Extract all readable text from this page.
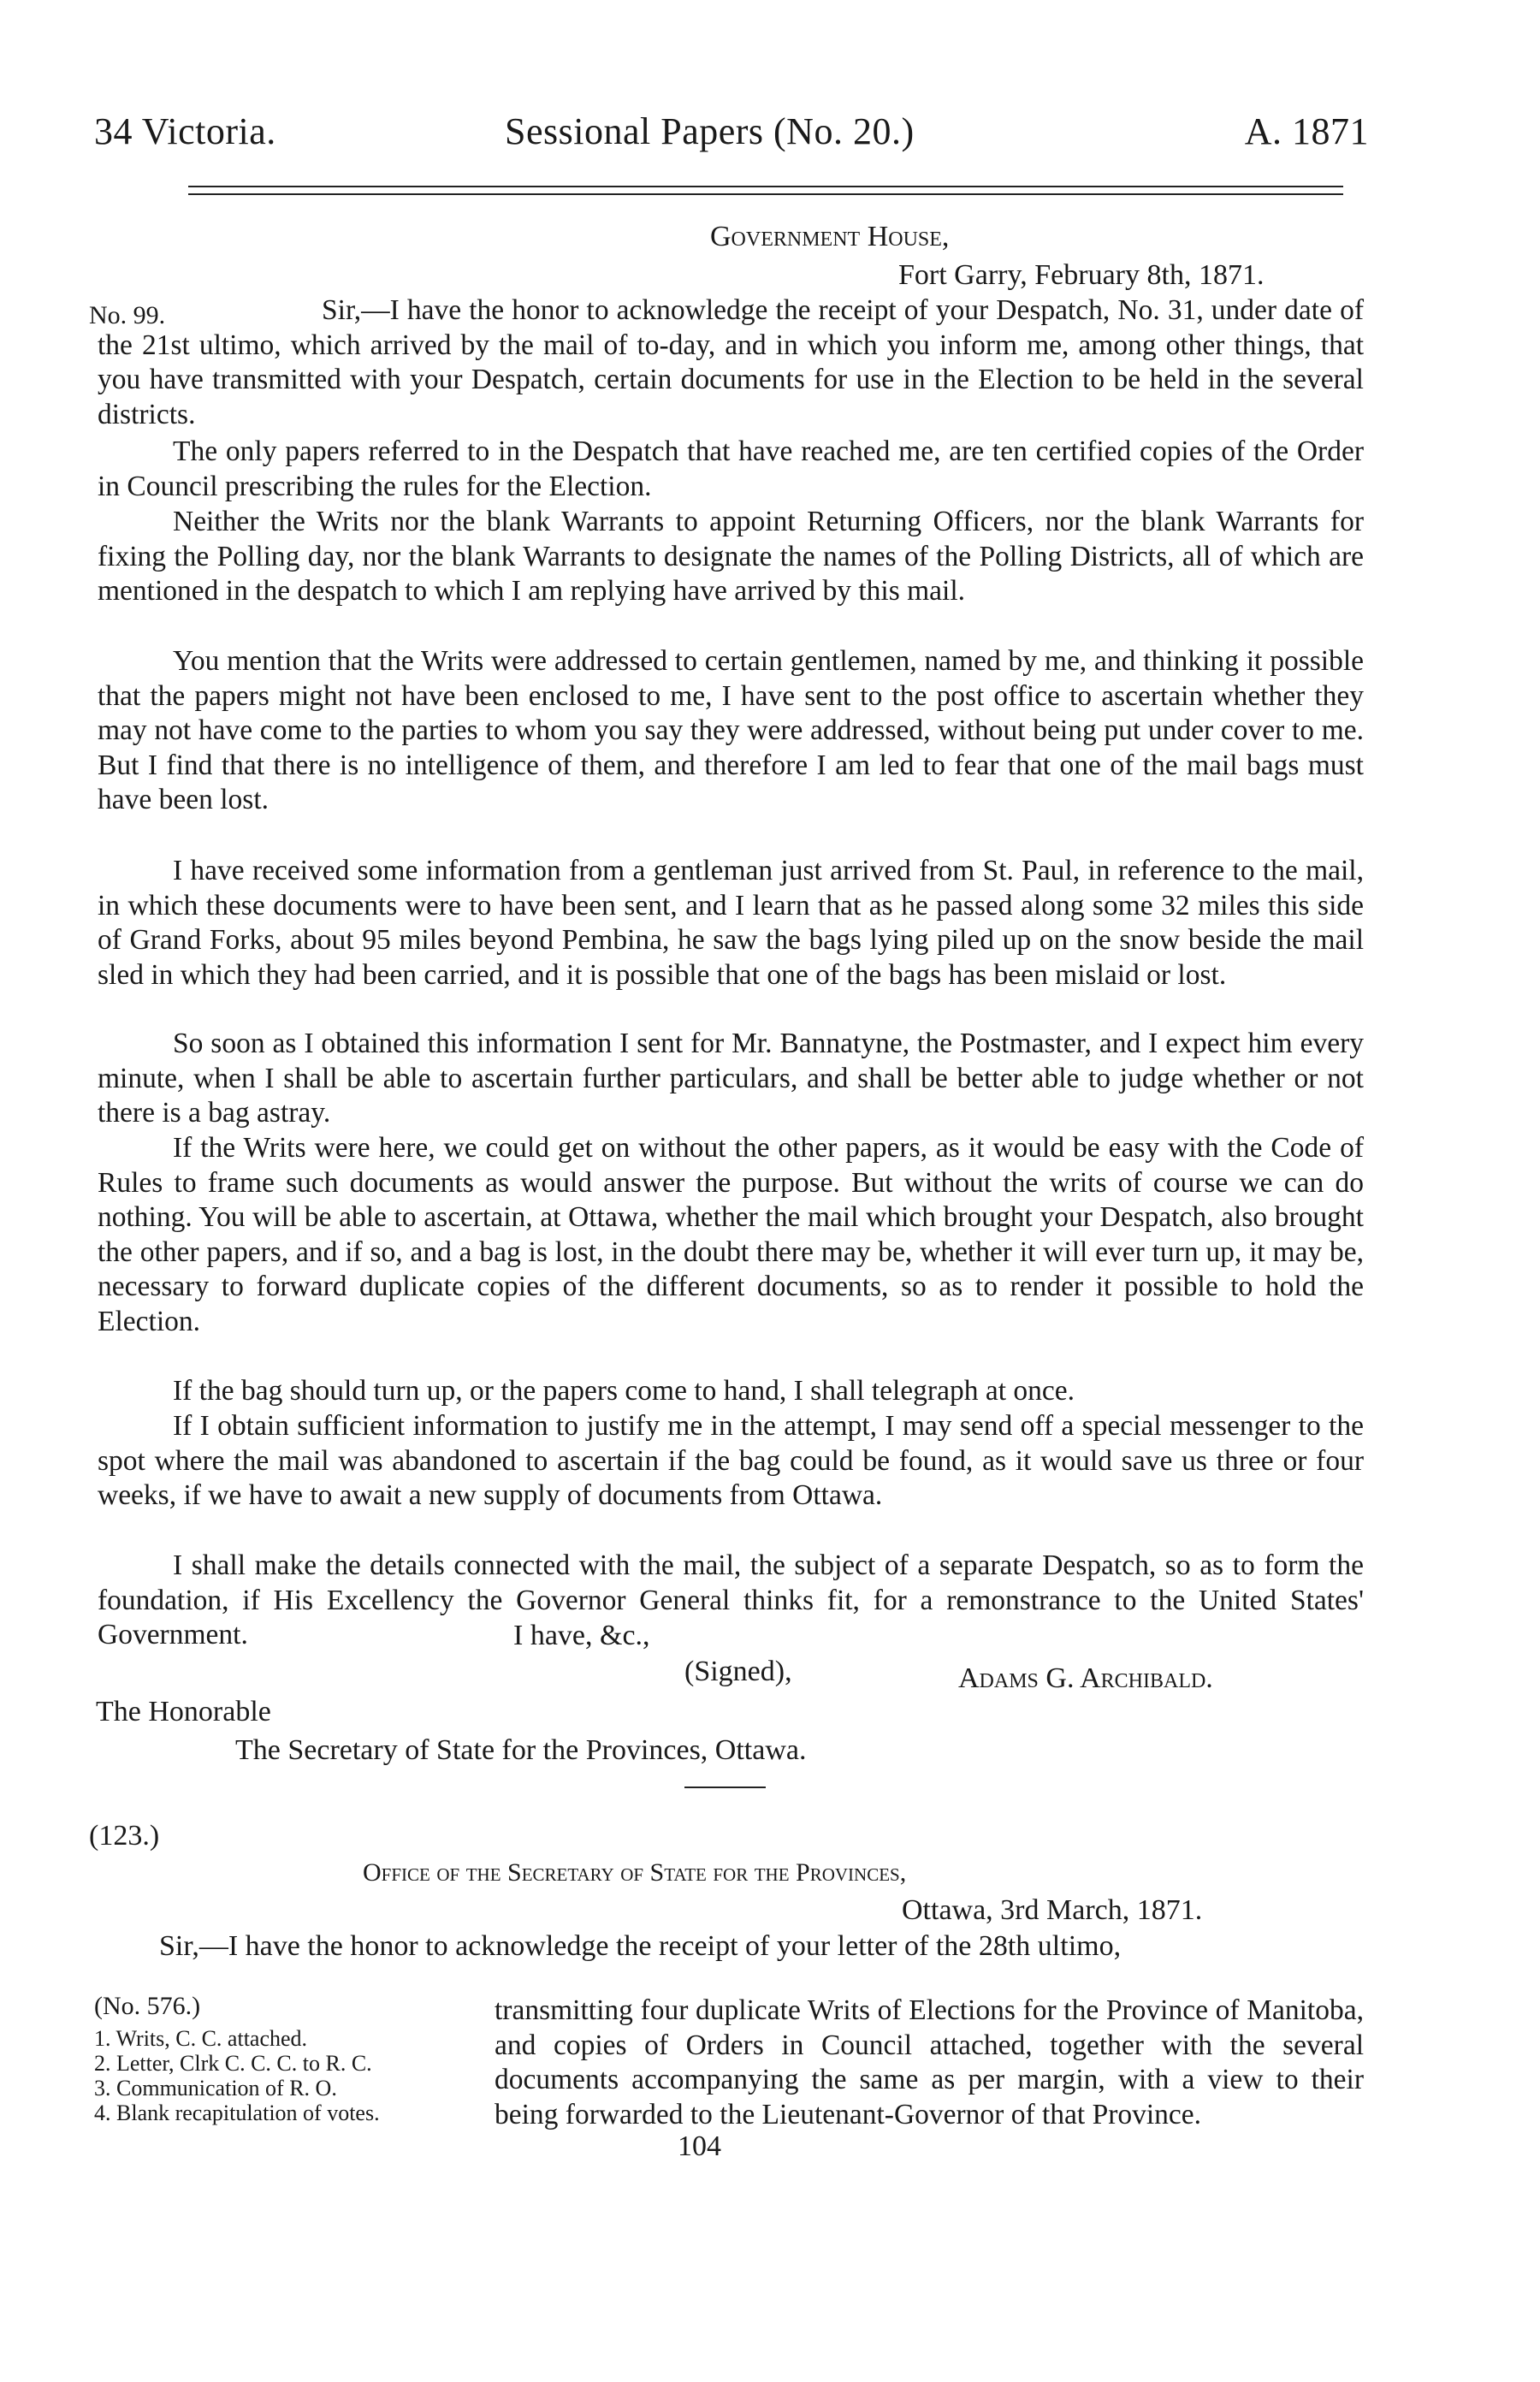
34 Victoria.	Sessional Papers (No. 20.)	A. 1871
Government House,
Fort Garry, February 8th, 1871.
No. 99.	Sir,—I have the honor to acknowledge the receipt of your Despatch, No. 31, under date of the 21st ultimo, which arrived by the mail of to-day, and in which you inform me, among other things, that you have transmitted with your Despatch, certain documents for use in the Election to be held in the several districts.
The only papers referred to in the Despatch that have reached me, are ten certified copies of the Order in Council prescribing the rules for the Election.
Neither the Writs nor the blank Warrants to appoint Returning Officers, nor the blank Warrants for fixing the Polling day, nor the blank Warrants to designate the names of the Polling Districts, all of which are mentioned in the despatch to which I am replying have arrived by this mail.
You mention that the Writs were addressed to certain gentlemen, named by me, and thinking it possible that the papers might not have been enclosed to me, I have sent to the post office to ascertain whether they may not have come to the parties to whom you say they were addressed, without being put under cover to me. But I find that there is no intelligence of them, and therefore I am led to fear that one of the mail bags must have been lost.
I have received some information from a gentleman just arrived from St. Paul, in reference to the mail, in which these documents were to have been sent, and I learn that as he passed along some 32 miles this side of Grand Forks, about 95 miles beyond Pembina, he saw the bags lying piled up on the snow beside the mail sled in which they had been carried, and it is possible that one of the bags has been mislaid or lost.
So soon as I obtained this information I sent for Mr. Bannatyne, the Postmaster, and I expect him every minute, when I shall be able to ascertain further particulars, and shall be better able to judge whether or not there is a bag astray.
If the Writs were here, we could get on without the other papers, as it would be easy with the Code of Rules to frame such documents as would answer the purpose. But without the writs of course we can do nothing. You will be able to ascertain, at Ottawa, whether the mail which brought your Despatch, also brought the other papers, and if so, and a bag is lost, in the doubt there may be, whether it will ever turn up, it may be, necessary to forward duplicate copies of the different documents, so as to render it possible to hold the Election.
If the bag should turn up, or the papers come to hand, I shall telegraph at once.
If I obtain sufficient information to justify me in the attempt, I may send off a special messenger to the spot where the mail was abandoned to ascertain if the bag could be found, as it would save us three or four weeks, if we have to await a new supply of documents from Ottawa.
I shall make the details connected with the mail, the subject of a separate Despatch, so as to form the foundation, if His Excellency the Governor General thinks fit, for a remonstrance to the United States' Government.	I have, &c.,
(Signed),	Adams G. Archibald.
The Honorable
The Secretary of State for the Provinces, Ottawa.
(123.)
Office of the Secretary of State for the Provinces,
Ottawa, 3rd March, 1871.
Sir,—I have the honor to acknowledge the receipt of your letter of the 28th ultimo,
(No. 576.)
1. Writs, C. C. attached.
2. Letter, Clrk C. C. C. to R. C.
3. Communication of R. O.
4. Blank recapitulation of votes.
transmitting four duplicate Writs of Elections for the Province of Manitoba, and copies of Orders in Council attached, together with the several documents accompanying the same as per margin, with a view to their being forwarded to the Lieutenant-Governor of that Province.
104
